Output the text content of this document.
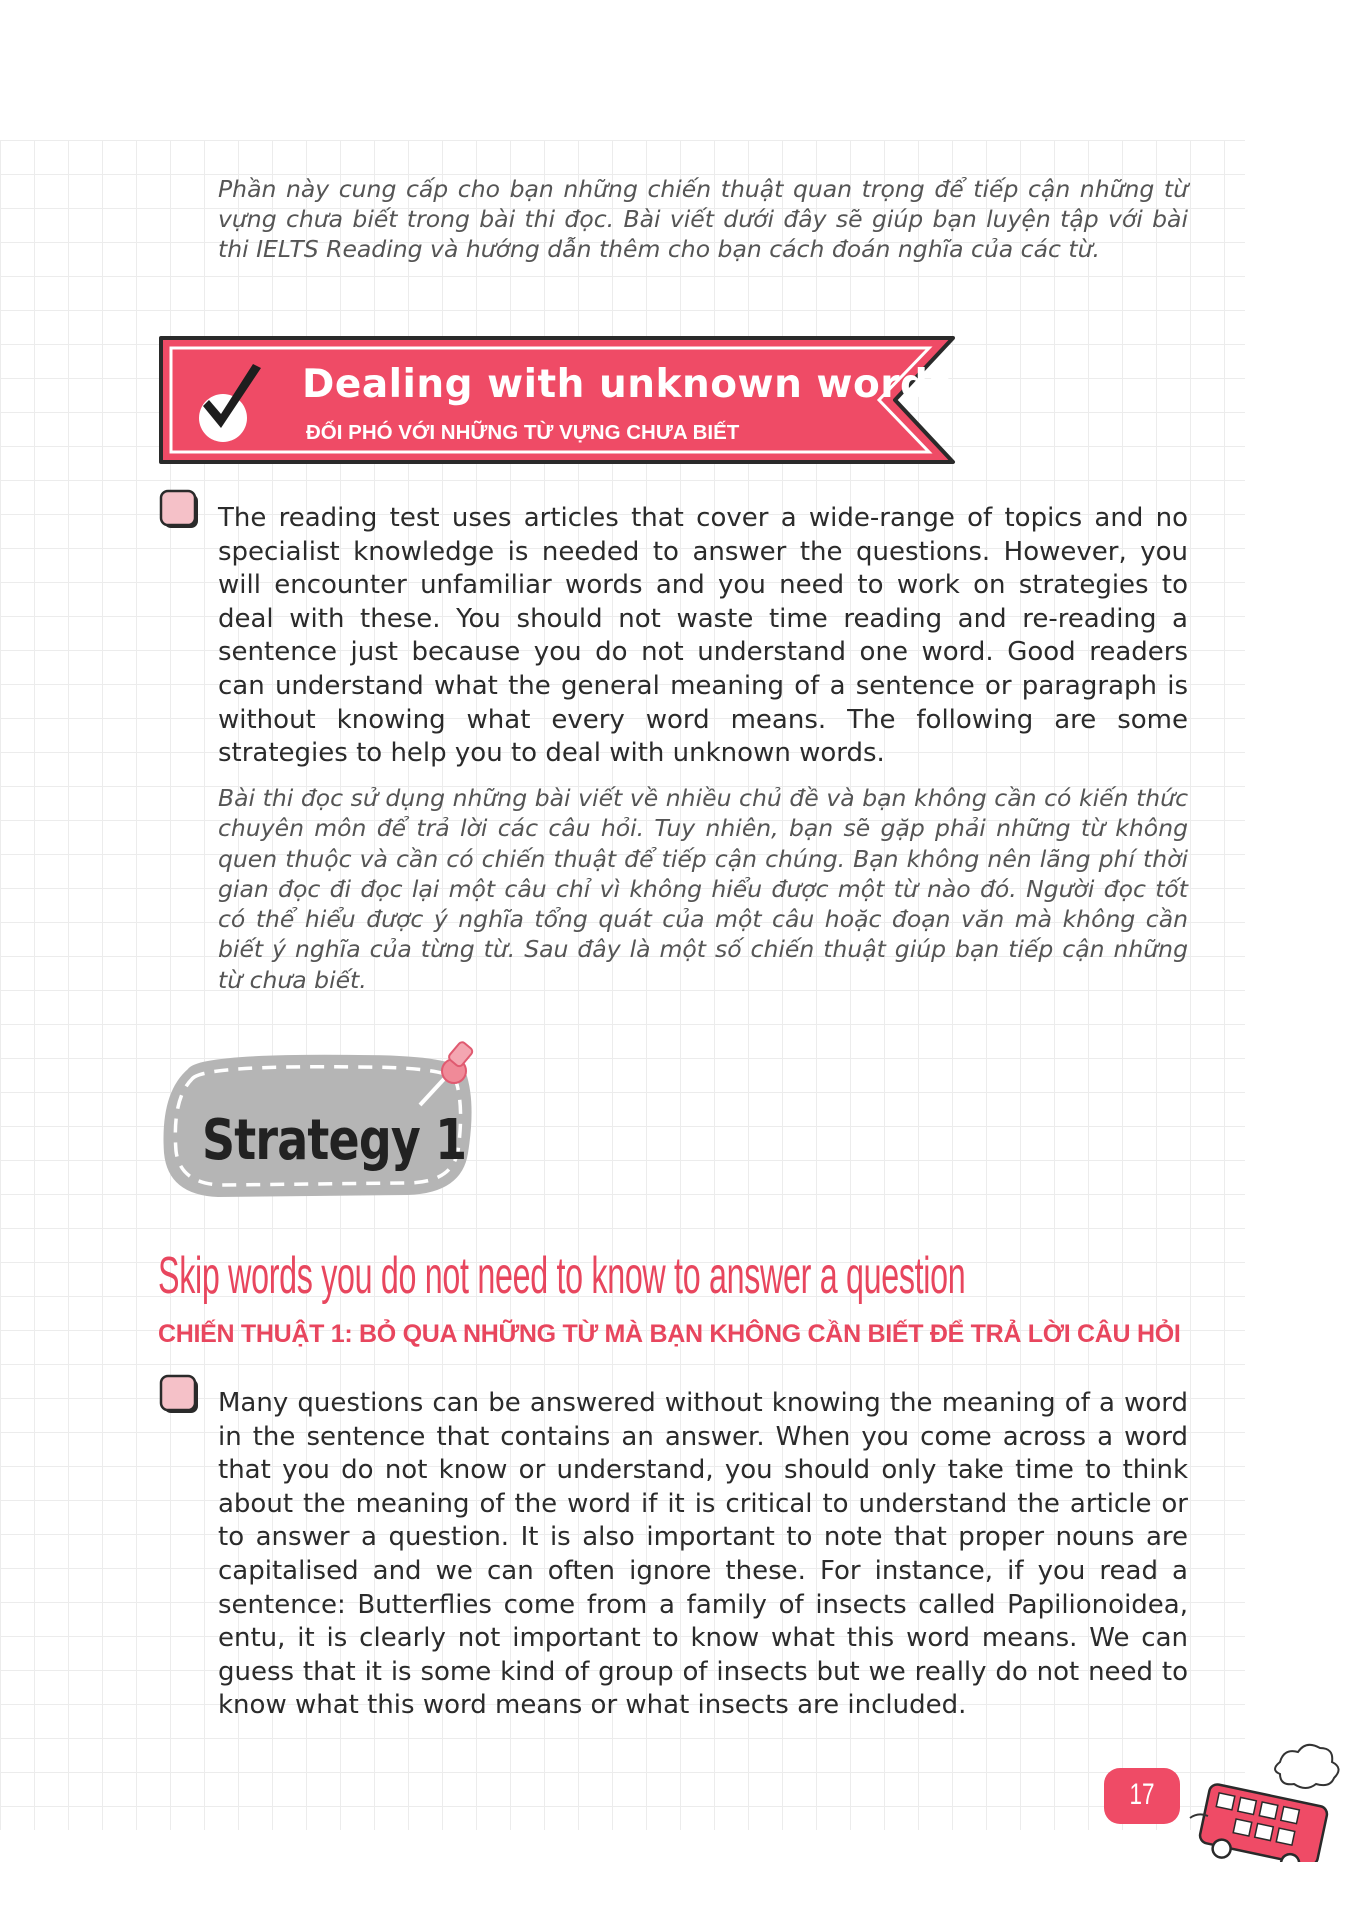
Phần này cung cấp cho bạn những chiến thuật quan trọng để tiếp cận những từ vựng chưa biết trong bài thi đọc. Bài viết dưới đây sẽ giúp bạn luyện tập với bài thi IELTS Reading và hướng dẫn thêm cho bạn cách đoán nghĩa của các từ.

Dealing with unknown words
ĐỐI PHÓ VỚI NHỮNG TỪ VỰNG CHƯA BIẾT

The reading test uses articles that cover a wide-range of topics and no specialist knowledge is needed to answer the questions. However, you will encounter unfamiliar words and you need to work on strategies to deal with these. You should not waste time reading and re-reading a sentence just because you do not understand one word. Good readers can understand what the general meaning of a sentence or paragraph is without knowing what every word means. The following are some strategies to help you to deal with unknown words.

Bài thi đọc sử dụng những bài viết về nhiều chủ đề và bạn không cần có kiến thức chuyên môn để trả lời các câu hỏi. Tuy nhiên, bạn sẽ gặp phải những từ không quen thuộc và cần có chiến thuật để tiếp cận chúng. Bạn không nên lãng phí thời gian đọc đi đọc lại một câu chỉ vì không hiểu được một từ nào đó. Người đọc tốt có thể hiểu được ý nghĩa tổng quát của một câu hoặc đoạn văn mà không cần biết ý nghĩa của từng từ. Sau đây là một số chiến thuật giúp bạn tiếp cận những từ chưa biết.

Strategy 1
Skip words you do not need to know to answer a question
CHIẾN THUẬT 1: BỎ QUA NHỮNG TỪ MÀ BẠN KHÔNG CẦN BIẾT ĐỂ TRẢ LỜI CÂU HỎI

Many questions can be answered without knowing the meaning of a word in the sentence that contains an answer. When you come across a word that you do not know or understand, you should only take time to think about the meaning of the word if it is critical to understand the article or to answer a question. It is also important to note that proper nouns are capitalised and we can often ignore these. For instance, if you read a sentence: Butterflies come from a family of insects called Papilionoidea, entu, it is clearly not important to know what this word means. We can guess that it is some kind of group of insects but we really do not need to know what this word means or what insects are included.

17
